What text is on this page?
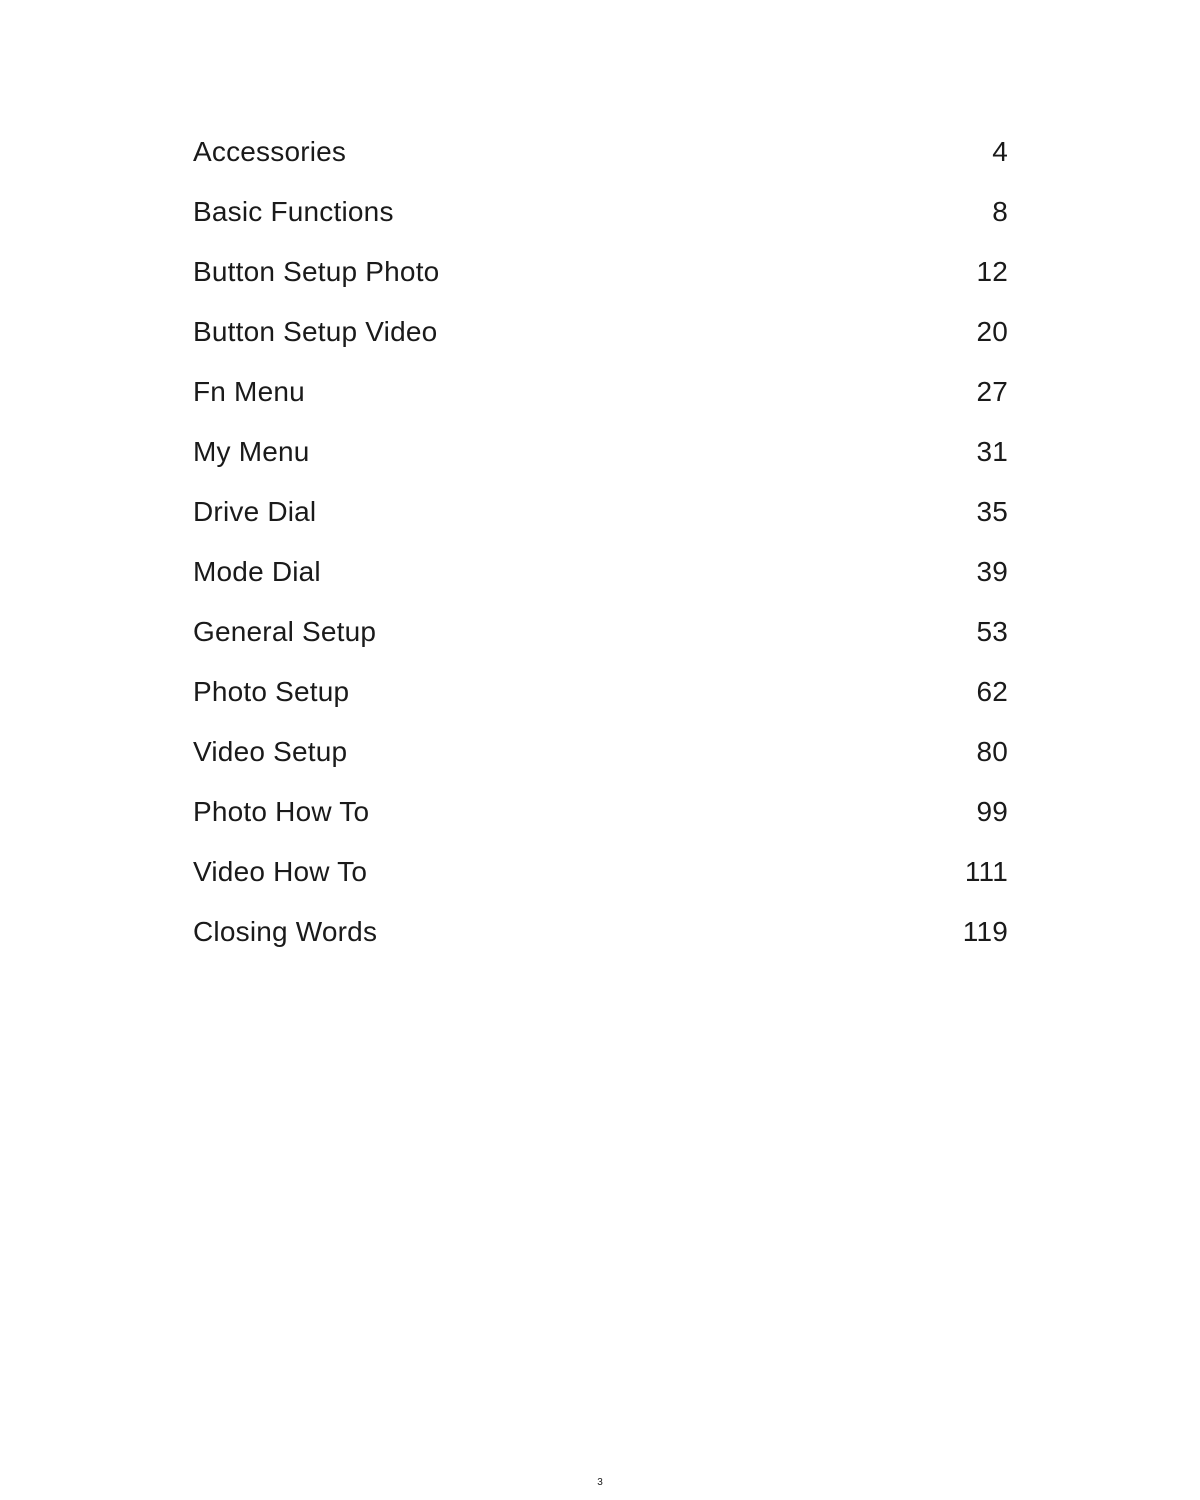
Accessories	4
Basic Functions	8
Button Setup Photo	12
Button Setup Video	20
Fn Menu	27
My Menu	31
Drive Dial	35
Mode Dial	39
General Setup	53
Photo Setup	62
Video Setup	80
Photo How To	99
Video How To	111
Closing Words	119
3
